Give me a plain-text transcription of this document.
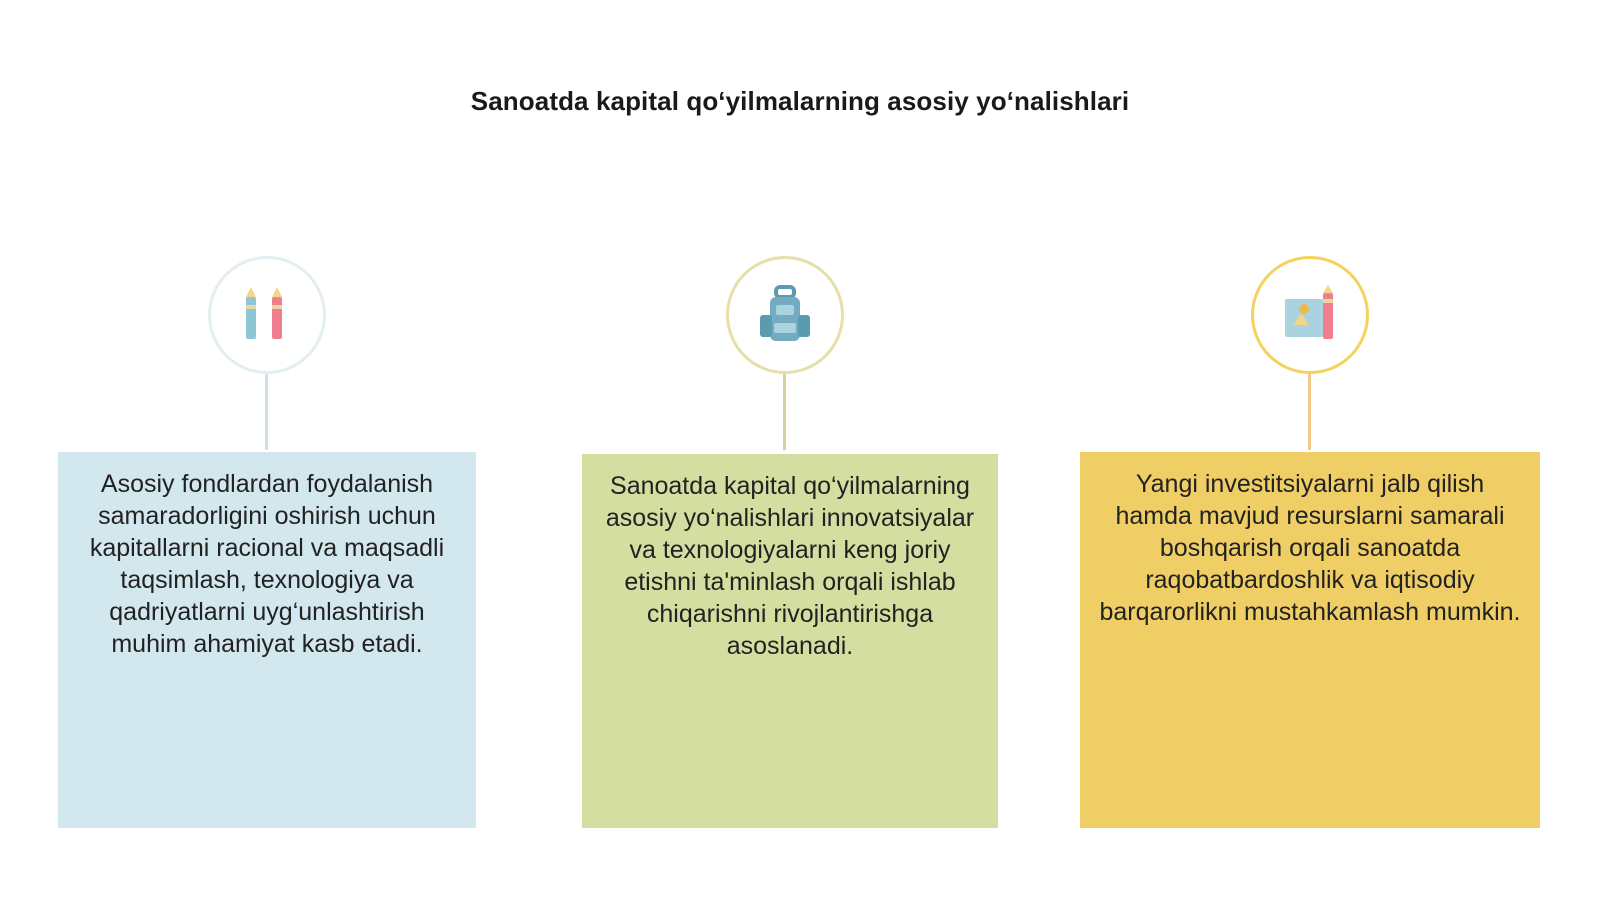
Sanoatda kapital qo‘yilmalarning asosiy yo‘nalishlari
Asosiy fondlardan foydalanish samaradorligini oshirish uchun kapitallarni racional va maqsadli taqsimlash, texnologiya va qadriyatlarni uyg‘unlashtirish muhim ahamiyat kasb etadi.
Sanoatda kapital qo‘yilmalarning asosiy yo‘nalishlari innovatsiyalar va texnologiyalarni keng joriy etishni ta'minlash orqali ishlab chiqarishni rivojlantirishga asoslanadi.
Yangi investitsiyalarni jalb qilish hamda mavjud resurslarni samarali boshqarish orqali sanoatda raqobatbardoshlik va iqtisodiy barqarorlikni mustahkamlash mumkin.
